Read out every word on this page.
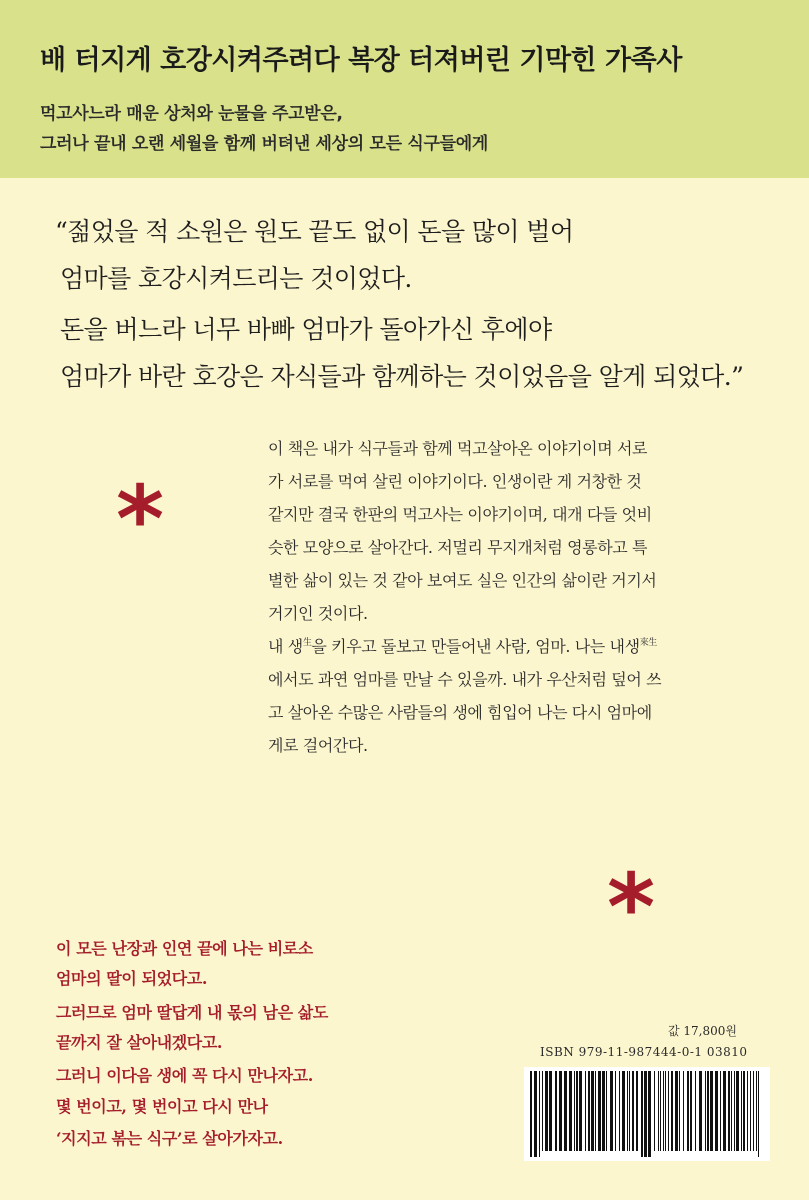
배 터지게 호강시켜주려다 복장 터져버린 기막힌 가족사

먹고사느라 매운 상처와 눈물을 주고받은,

그러나 끝내 오랜 세월을 함께 버텨낸 세상의 모든 식구들에게

“젊었을 적 소원은 원도 끝도 없이 돈을 많이 벌어

엄마를 호강시켜드리는 것이었다.

돈을 버느라 너무 바빠 엄마가 돌아가신 후에야

엄마가 바란 호강은 자식들과 함께하는 것이었음을 알게 되었다.”

*
이 책은 내가 식구들과 함께 먹고살아온 이야기이며 서로
가 서로를 먹여 살린 이야기이다. 인생이란 게 거창한 것
같지만 결국 한판의 먹고사는 이야기이며, 대개 다들 엇비
슷한 모양으로 살아간다. 저멀리 무지개처럼 영롱하고 특
별한 삶이 있는 것 같아 보여도 실은 인간의 삶이란 거기서
거기인 것이다.
내 생$^生$을 키우고 돌보고 만들어낸 사람, 엄마. 나는 내생$^{來生}$
에서도 과연 엄마를 만날 수 있을까. 내가 우산처럼 덮어 쓰
고 살아온 수많은 사람들의 생에 힘입어 나는 다시 엄마에
게로 걸어간다.
*

이 모든 난장과 인연 끝에 나는 비로소

엄마의 딸이 되었다고.

그러므로 엄마 딸답게 내 몫의 남은 삶도

끝까지 잘 살아내겠다고.

그러니 이다음 생에 꼭 다시 만나자고.

몇 번이고, 몇 번이고 다시 만나

‘지지고 볶는 식구’로 살아가자고.

값 17,800원
ISBN 979-11-987444-0-1 03810
